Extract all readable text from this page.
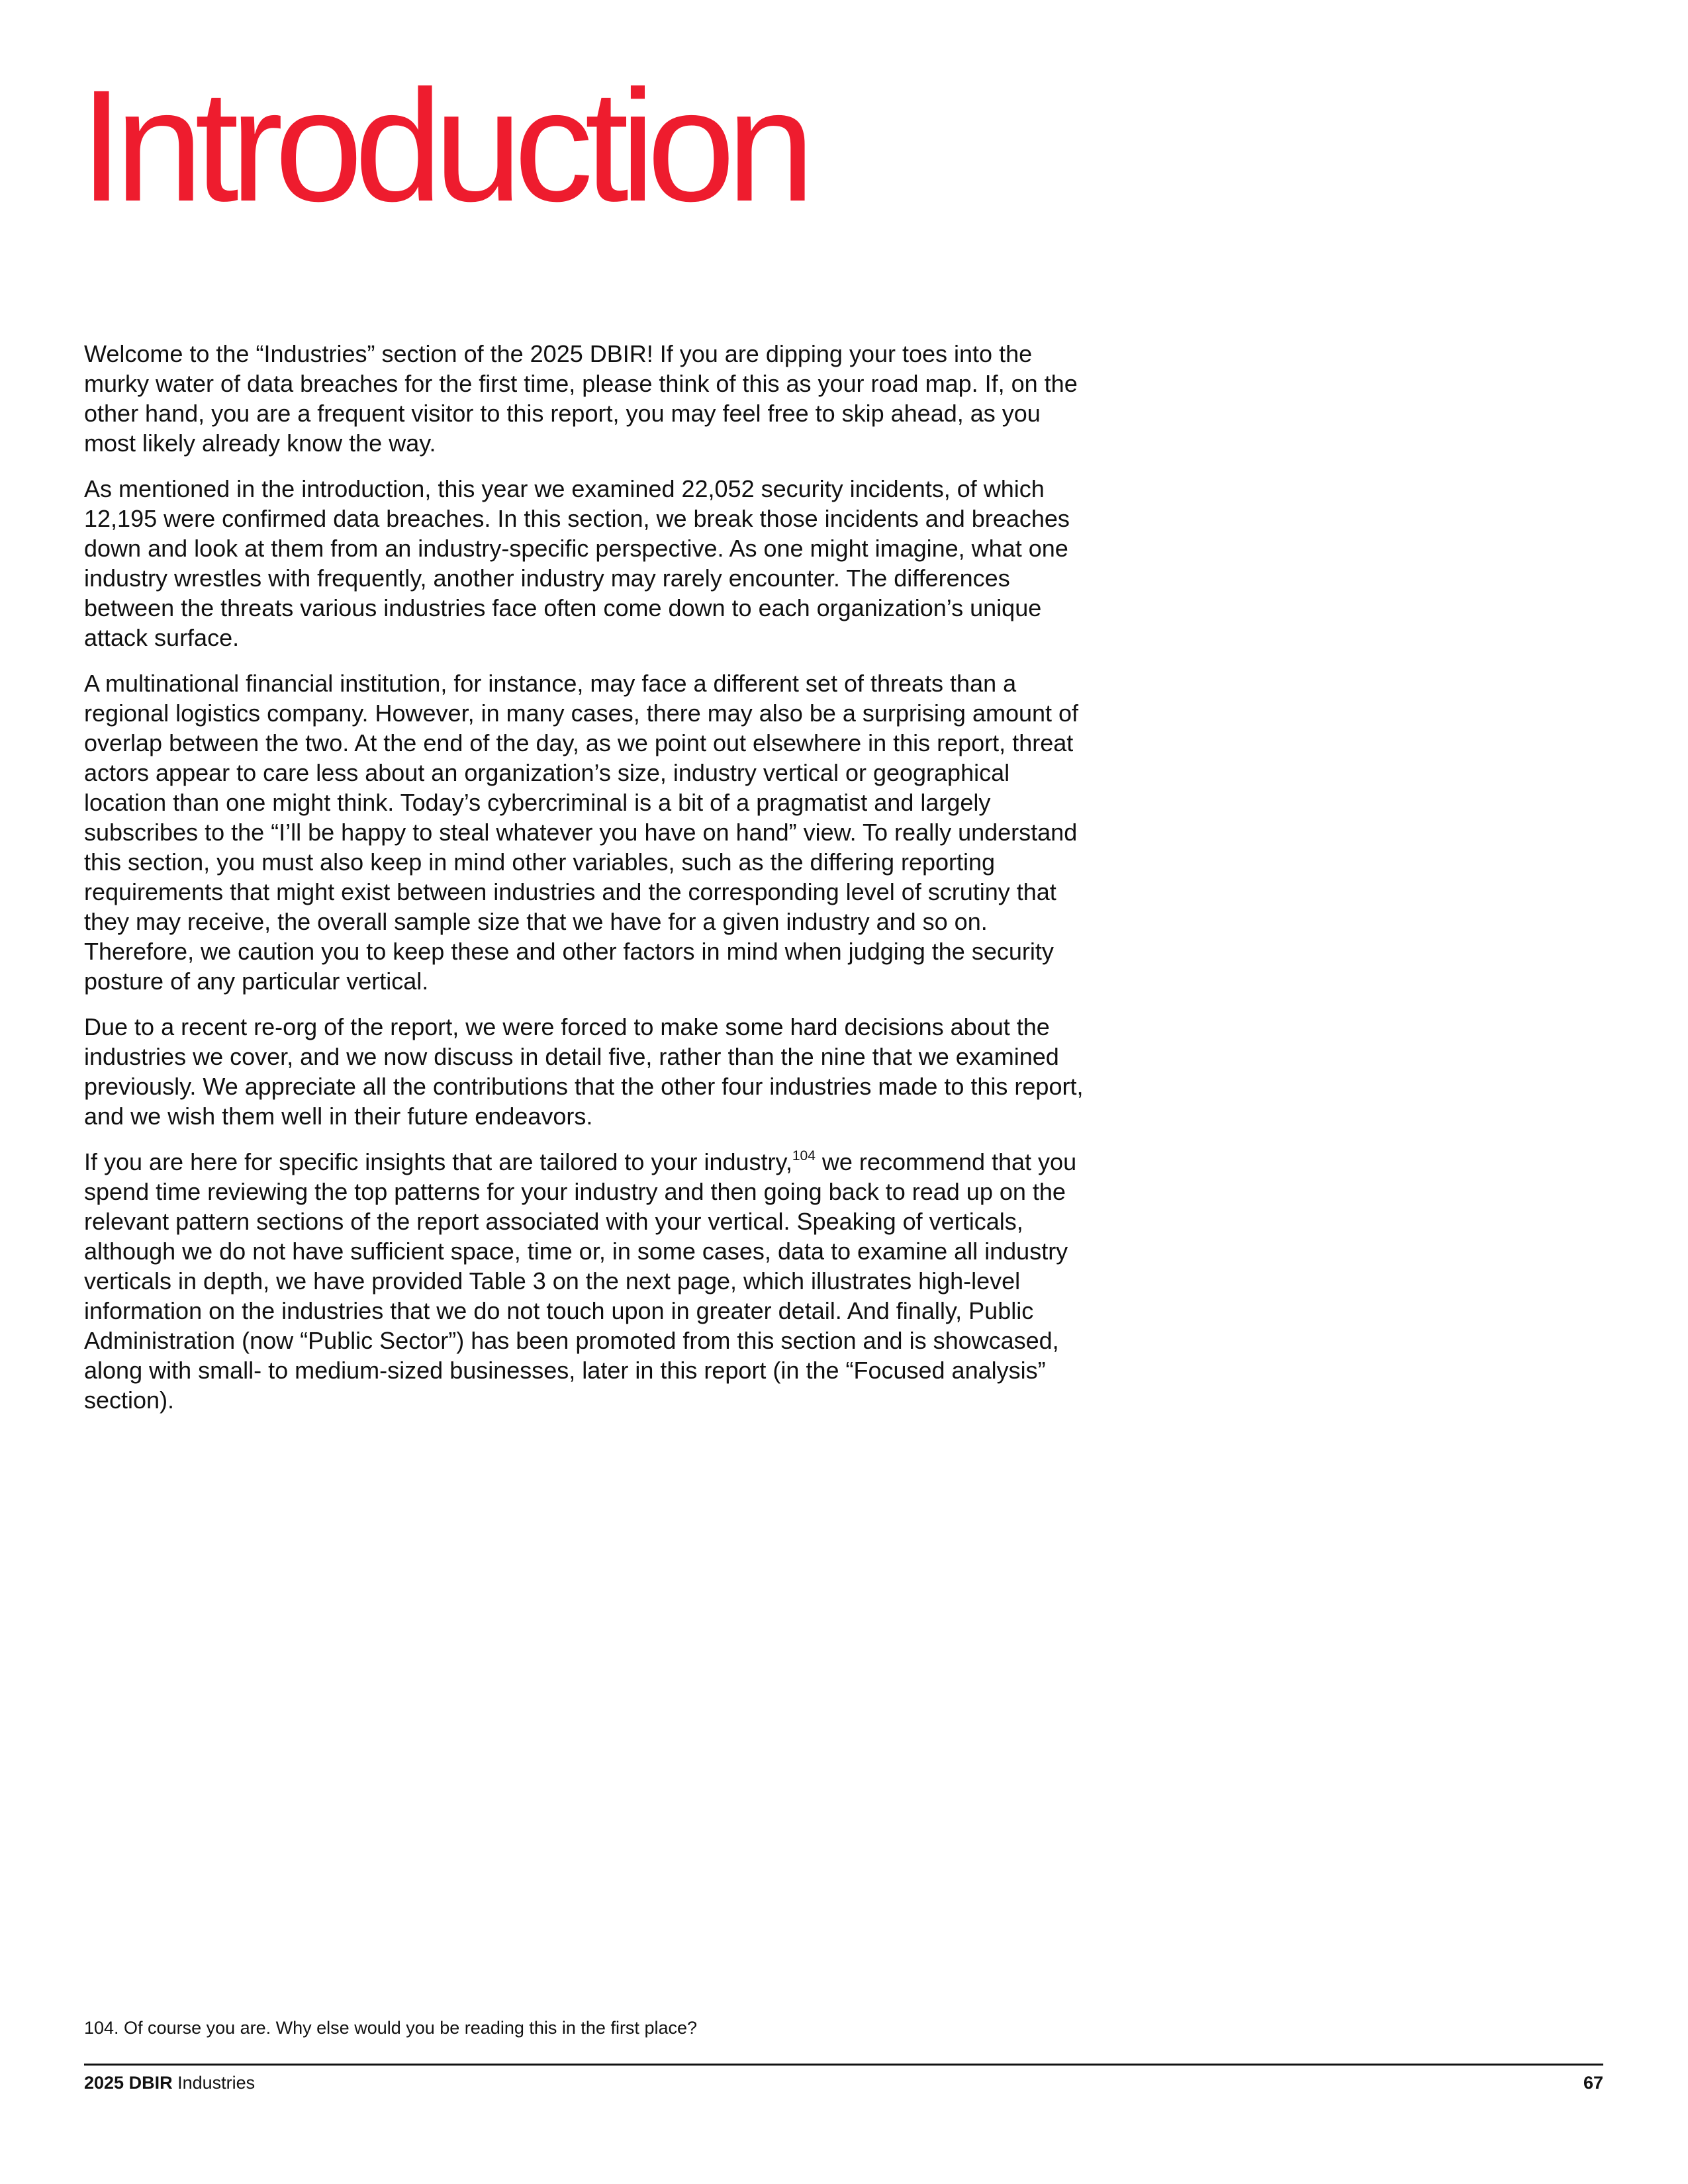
Introduction

Welcome to the “Industries” section of the 2025 DBIR! If you are dipping your toes into the murky water of data breaches for the first time, please think of this as your road map. If, on the other hand, you are a frequent visitor to this report, you may feel free to skip ahead, as you most likely already know the way.

As mentioned in the introduction, this year we examined 22,052 security incidents, of which 12,195 were confirmed data breaches. In this section, we break those incidents and breaches down and look at them from an industry-specific perspective. As one might imagine, what one industry wrestles with frequently, another industry may rarely encounter. The differences between the threats various industries face often come down to each organization’s unique attack surface.

A multinational financial institution, for instance, may face a different set of threats than a regional logistics company. However, in many cases, there may also be a surprising amount of overlap between the two. At the end of the day, as we point out elsewhere in this report, threat actors appear to care less about an organization’s size, industry vertical or geographical location than one might think. Today’s cybercriminal is a bit of a pragmatist and largely subscribes to the “I’ll be happy to steal whatever you have on hand” view. To really understand this section, you must also keep in mind other variables, such as the differing reporting requirements that might exist between industries and the corresponding level of scrutiny that they may receive, the overall sample size that we have for a given industry and so on. Therefore, we caution you to keep these and other factors in mind when judging the security posture of any particular vertical.

Due to a recent re-org of the report, we were forced to make some hard decisions about the industries we cover, and we now discuss in detail five, rather than the nine that we examined previously. We appreciate all the contributions that the other four industries made to this report, and we wish them well in their future endeavors.

If you are here for specific insights that are tailored to your industry,$^{104}$ we recommend that you spend time reviewing the top patterns for your industry and then going back to read up on the relevant pattern sections of the report associated with your vertical. Speaking of verticals, although we do not have sufficient space, time or, in some cases, data to examine all industry verticals in depth, we have provided Table 3 on the next page, which illustrates high-level information on the industries that we do not touch upon in greater detail. And finally, Public Administration (now “Public Sector”) has been promoted from this section and is showcased, along with small- to medium-sized businesses, later in this report (in the “Focused analysis” section).

104. Of course you are. Why else would you be reading this in the first place?

2025 DBIR Industries	67
